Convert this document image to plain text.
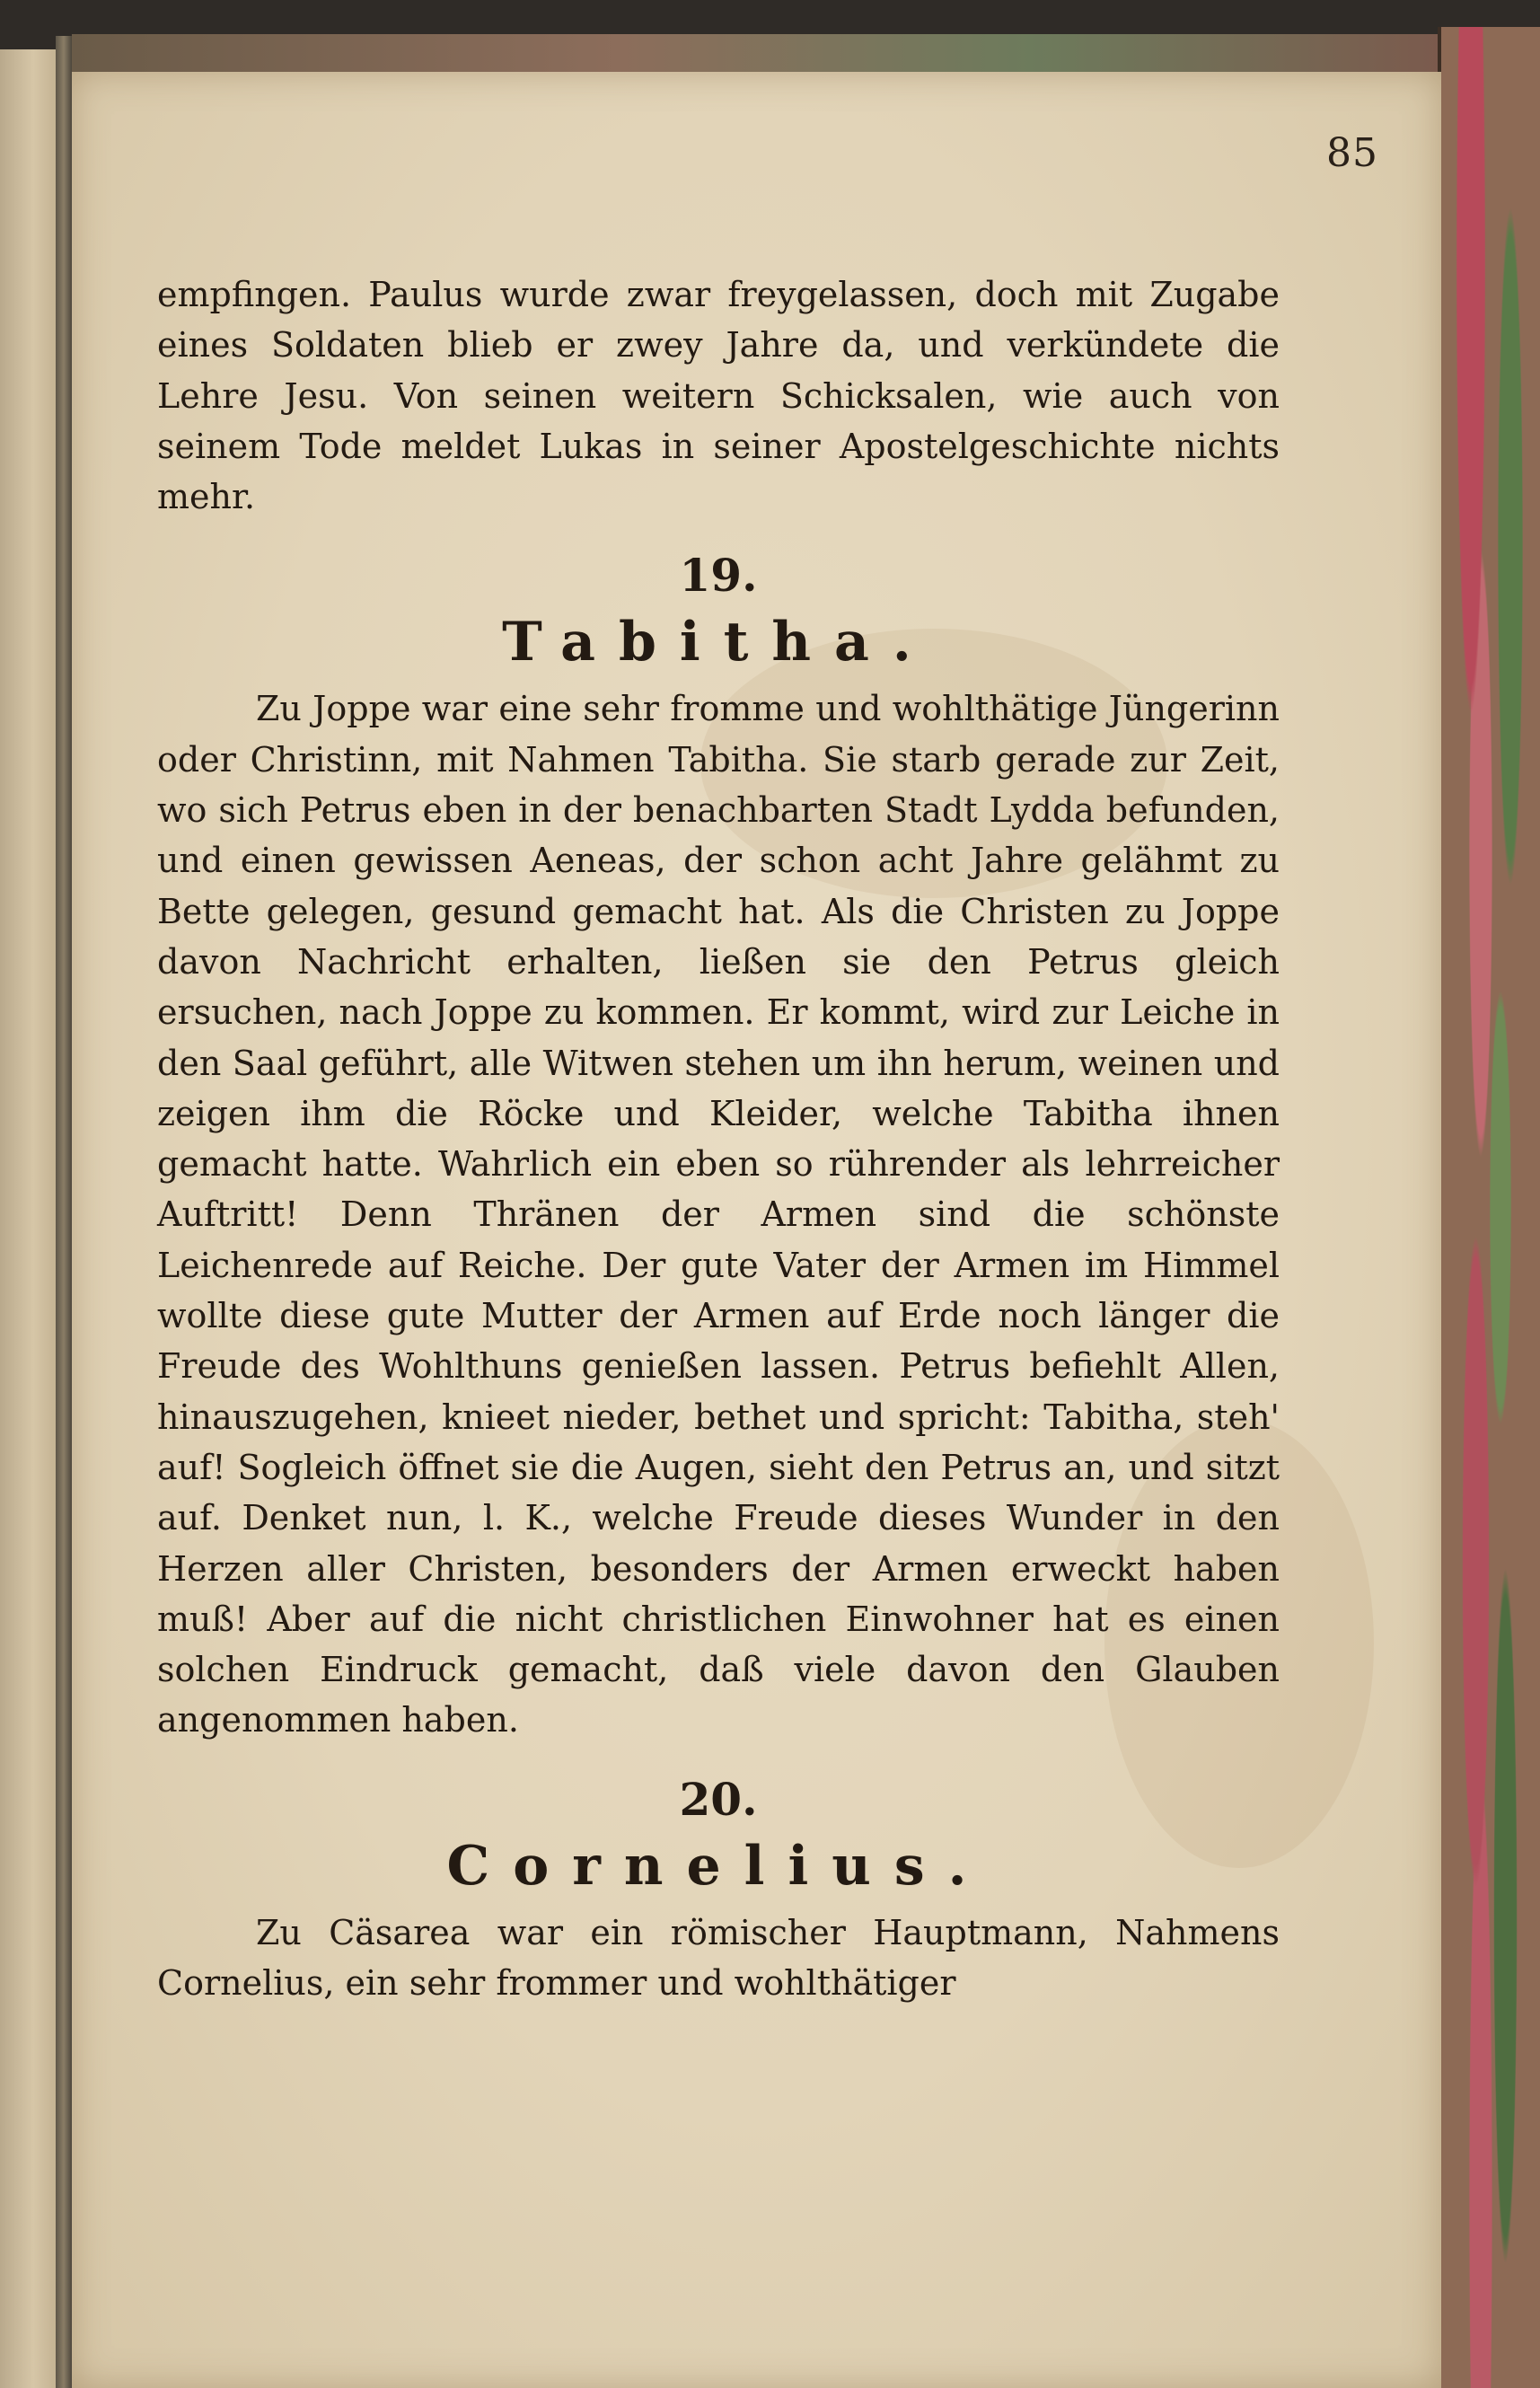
85

empfingen. Paulus wurde zwar freygelassen, doch mit Zugabe eines Soldaten blieb er zwey Jahre da, und verkündete die Lehre Jesu. Von seinen weitern Schicksalen, wie auch von seinem Tode meldet Lukas in seiner Apostelgeschichte nichts mehr.

19.
Tabitha.

Zu Joppe war eine sehr fromme und wohlthätige Jüngerinn oder Christinn, mit Nahmen Tabitha. Sie starb gerade zur Zeit, wo sich Petrus eben in der benachbarten Stadt Lydda befunden, und einen gewissen Aeneas, der schon acht Jahre gelähmt zu Bette gelegen, gesund gemacht hat. Als die Christen zu Joppe davon Nachricht erhalten, ließen sie den Petrus gleich ersuchen, nach Joppe zu kommen. Er kommt, wird zur Leiche in den Saal geführt, alle Witwen stehen um ihn herum, weinen und zeigen ihm die Röcke und Kleider, welche Tabitha ihnen gemacht hatte. Wahrlich ein eben so rührender als lehrreicher Auftritt! Denn Thränen der Armen sind die schönste Leichenrede auf Reiche. Der gute Vater der Armen im Himmel wollte diese gute Mutter der Armen auf Erde noch länger die Freude des Wohlthuns genießen lassen. Petrus befiehlt Allen, hinauszugehen, knieet nieder, bethet und spricht: Tabitha, steh' auf! Sogleich öffnet sie die Augen, sieht den Petrus an, und sitzt auf. Denket nun, l. K., welche Freude dieses Wunder in den Herzen aller Christen, besonders der Armen erweckt haben muß! Aber auf die nicht christlichen Einwohner hat es einen solchen Eindruck gemacht, daß viele davon den Glauben angenommen haben.

20.
Cornelius.

Zu Cäsarea war ein römischer Hauptmann, Nahmens Cornelius, ein sehr frommer und wohlthätiger
